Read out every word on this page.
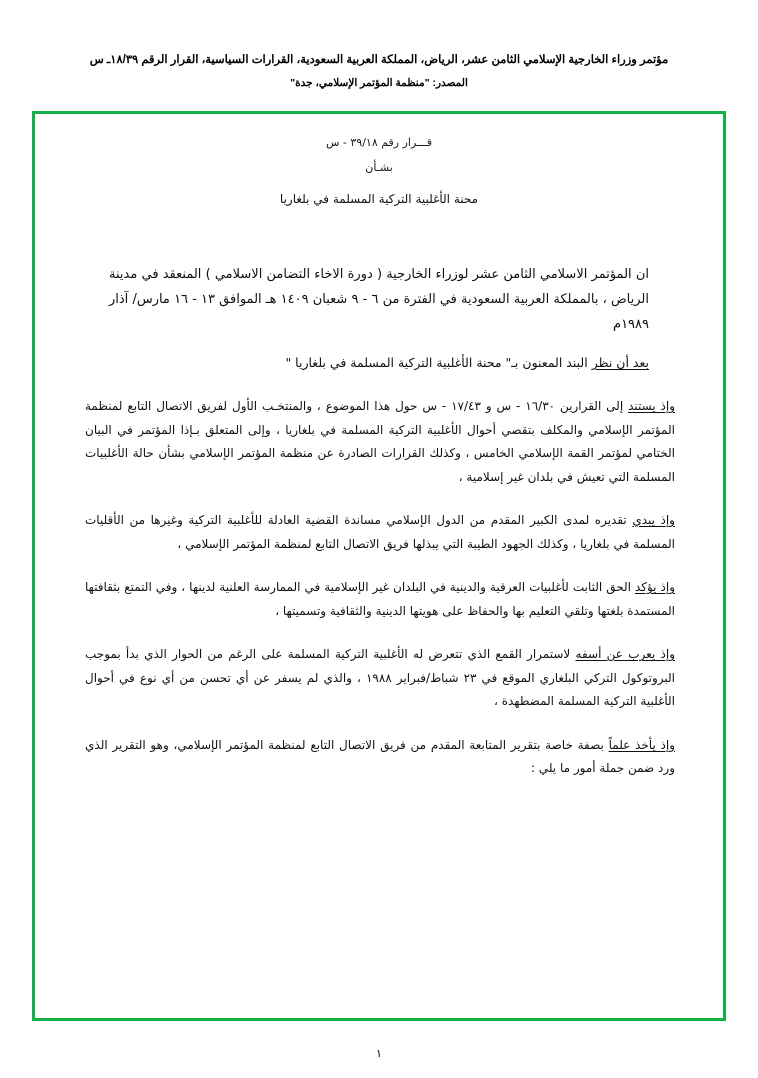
مؤتمر وزراء الخارجية الإسلامي الثامن عشر، الرياض، المملكة العربية السعودية، القرارات السياسية، القرار الرقم ١٨/٣٩ـ س
المصدر: "منظمة المؤتمر الإسلامي، جدة"
قـــرار رقم ٣٩/١٨ - س
بشـأن
محنة الأغلبية التركية المسلمة في بلغاريا
ان المؤتمر الاسلامي الثامن عشر لوزراء الخارجية ( دورة الاخاء التضامن الاسلامي ) المنعقد في مدينة الرياض ، بالمملكة العربية السعودية في الفترة من ٦ - ٩ شعبان ١٤٠٩ هـ الموافق ١٣ - ١٦ مارس/ آذار ١٩٨٩م
بعد أن نظر البند المعنون بـ" محنة الأغلبية التركية المسلمة في بلغاريا "
وإذ يستند إلى القرارين ١٦/٣٠ - س و ١٧/٤٣ - س حول هذا الموضوع ، والمنتخـب الأول لفريق الاتصال التابع لمنظمة المؤتمر الإسلامي والمكلف بتقصي أحوال الأغلبية التركية المسلمة في بلغاريا ، وإلى المتعلق بـإذا المؤتمر في البيان الختامي لمؤتمر القمة الإسلامي الخامس ، وكذلك القرارات الصادرة عن منظمة المؤتمر الإسلامي بشأن حالة الأغلبيات المسلمة التي تعيش في بلدان غير إسلامية ،
وإذ يبدي تقديره لمدى الكبير المقدم من الدول الإسلامي مساندة القضية العادلة للأغلبية التركية وغيرها من الأقليات المسلمة في بلغاريا ، وكذلك الجهود الطيبة التي يبذلها فريق الاتصال التابع لمنظمة المؤتمر الإسلامي ،
وإذ يؤكد الحق الثابت لأغلبيات العرقية والدينية في البلدان غير الإسلامية في الممارسة العلنية لدينها ، وفي التمتع بثقافتها المستمدة بلغتها وتلقي التعليم بها والحفاظ على هويتها الدينية والثقافية وتسميتها ،
وإذ يعرب عن أسفه لاستمرار القمع الذي تتعرض له الأغلبية التركية المسلمة على الرغم من الحوار الذي بدأ بموجب البروتوكول التركي البلغاري الموقع في ٢٣ شباط/فبراير ١٩٨٨ ، والذي لم يسفر عن أي تحسن من أي نوع في أحوال الأغلبية التركية المسلمة المضطهدة ،
وإذ يأخذ علماً بصفة خاصة بتقرير المتابعة المقدم من فريق الاتصال التابع لمنظمة المؤتمر الإسلامي، وهو التقرير الذي ورد ضمن جملة أمور ما يلي :
١
